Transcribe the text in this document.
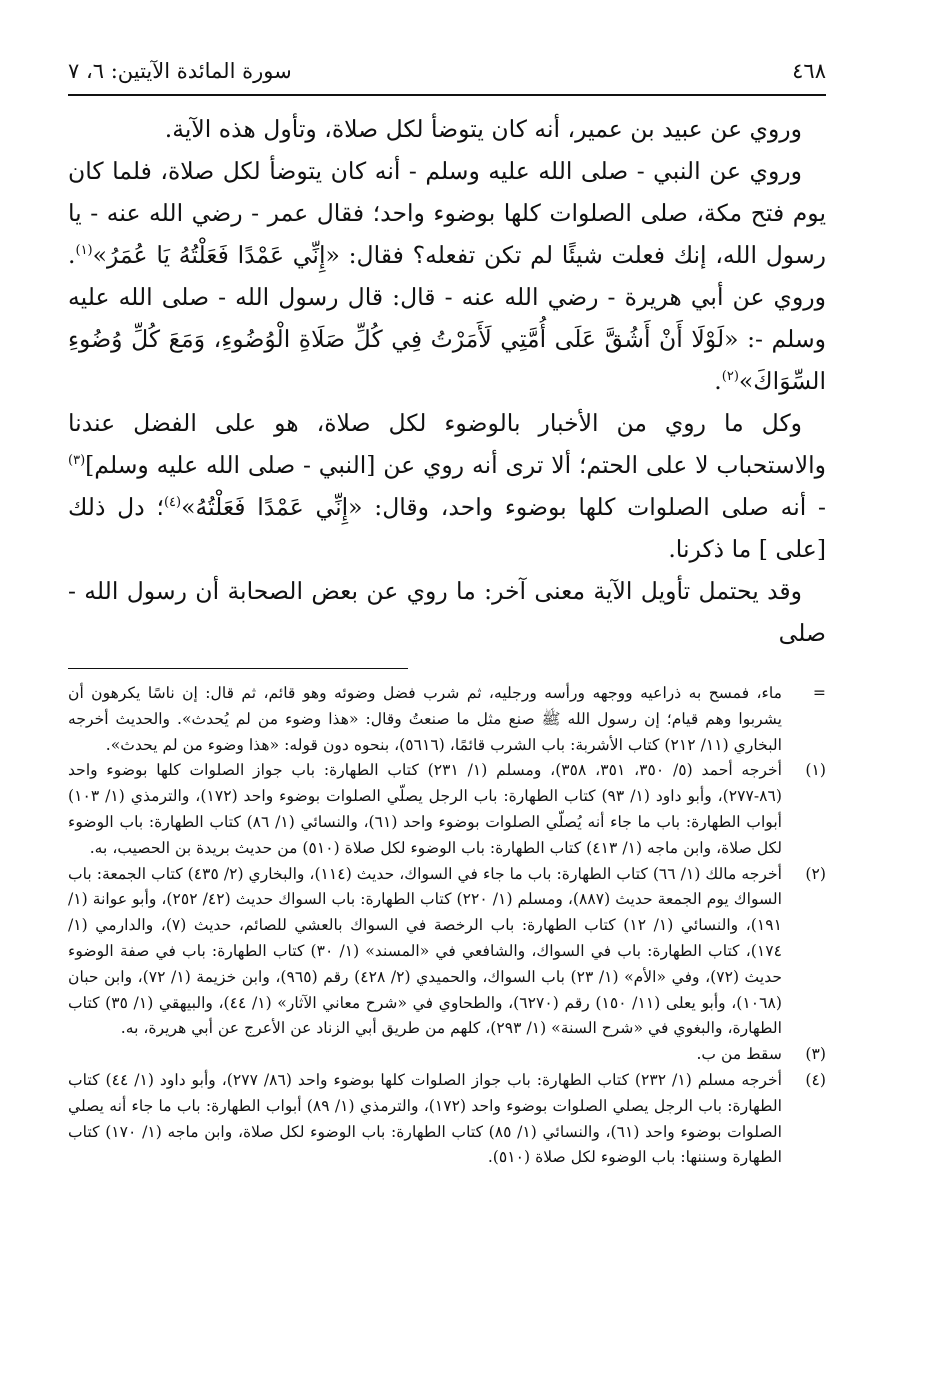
٤٦٨
سورة المائدة الآيتين: ٦، ٧

وروي عن عبيد بن عمير، أنه كان يتوضأ لكل صلاة، وتأول هذه الآية.

وروي عن النبي - صلى الله عليه وسلم - أنه كان يتوضأ لكل صلاة، فلما كان يوم فتح مكة، صلى الصلوات كلها بوضوء واحد؛ فقال عمر - رضي الله عنه - يا رسول الله، إنك فعلت شيئًا لم تكن تفعله؟ فقال: «إِنِّي عَمْدًا فَعَلْتُهُ يَا عُمَرُ»$^{(١)}$. وروي عن أبي هريرة - رضي الله عنه - قال: قال رسول الله - صلى الله عليه وسلم -: «لَوْلَا أَنْ أَشُقَّ عَلَى أُمَّتِي لَأَمَرْتُ فِي كُلِّ صَلَاةِ الْوُضُوءِ، وَمَعَ كُلِّ وُضُوءِ السِّوَاكَ»$^{(٢)}$.

وكل ما روي من الأخبار بالوضوء لكل صلاة، هو على الفضل عندنا والاستحباب لا على الحتم؛ ألا ترى أنه روي عن [النبي - صلى الله عليه وسلم]$^{(٣)}$ - أنه صلى الصلوات كلها بوضوء واحد، وقال: «إِنِّي عَمْدًا فَعَلْتُهُ»$^{(٤)}$؛ دل ذلك [على ] ما ذكرنا.

وقد يحتمل تأويل الآية معنى آخر: ما روي عن بعض الصحابة أن رسول الله - صلى

=

ماء، فمسح به ذراعيه ووجهه ورأسه ورجليه، ثم شرب فضل وضوئه وهو قائم، ثم قال: إن ناسًا يكرهون أن يشربوا وهم قيام؛ إن رسول الله ﷺ صنع مثل ما صنعتُ وقال: «هذا وضوء من لم يُحدث». والحديث أخرجه البخاري (١١/ ٢١٢) كتاب الأشربة: باب الشرب قائمًا، (٥٦١٦)، بنحوه دون قوله: «هذا وضوء من لم يحدث».

(١)

أخرجه أحمد (٥/ ٣٥٠، ٣٥١، ٣٥٨)، ومسلم (١/ ٢٣١) كتاب الطهارة: باب جواز الصلوات كلها بوضوء واحد (٨٦-٢٧٧)، وأبو داود (١/ ٩٣) كتاب الطهارة: باب الرجل يصلّي الصلوات بوضوء واحد (١٧٢)، والترمذي (١/ ١٠٣) أبواب الطهارة: باب ما جاء أنه يُصلّي الصلوات بوضوء واحد (٦١)، والنسائي (١/ ٨٦) كتاب الطهارة: باب الوضوء لكل صلاة، وابن ماجه (١/ ٤١٣) كتاب الطهارة: باب الوضوء لكل صلاة (٥١٠) من حديث بريدة بن الحصيب، به.

(٢)

أخرجه مالك (١/ ٦٦) كتاب الطهارة: باب ما جاء في السواك، حديث (١١٤)، والبخاري (٢/ ٤٣٥) كتاب الجمعة: باب السواك يوم الجمعة حديث (٨٨٧)، ومسلم (١/ ٢٢٠) كتاب الطهارة: باب السواك حديث (٤٢/ ٢٥٢)، وأبو عوانة (١/ ١٩١)، والنسائي (١/ ١٢) كتاب الطهارة: باب الرخصة في السواك بالعشي للصائم، حديث (٧)، والدارمي (١/ ١٧٤)، كتاب الطهارة: باب في السواك، والشافعي في «المسند» (١/ ٣٠) كتاب الطهارة: باب في صفة الوضوء حديث (٧٢)، وفي «الأم» (١/ ٢٣) باب السواك، والحميدي (٢/ ٤٢٨) رقم (٩٦٥)، وابن خزيمة (١/ ٧٢)، وابن حبان (١٠٦٨)، وأبو يعلى (١١/ ١٥٠) رقم (٦٢٧٠)، والطحاوي في «شرح معاني الآثار» (١/ ٤٤)، والبيهقي (١/ ٣٥) كتاب الطهارة، والبغوي في «شرح السنة» (١/ ٢٩٣)، كلهم من طريق أبي الزناد عن الأعرج عن أبي هريرة، به.

(٣)

سقط من ب.

(٤)

أخرجه مسلم (١/ ٢٣٢) كتاب الطهارة: باب جواز الصلوات كلها بوضوء واحد (٨٦/ ٢٧٧)، وأبو داود (١/ ٤٤) كتاب الطهارة: باب الرجل يصلي الصلوات بوضوء واحد (١٧٢)، والترمذي (١/ ٨٩) أبواب الطهارة: باب ما جاء أنه يصلي الصلوات بوضوء واحد (٦١)، والنسائي (١/ ٨٥) كتاب الطهارة: باب الوضوء لكل صلاة، وابن ماجه (١/ ١٧٠) كتاب الطهارة وسننها: باب الوضوء لكل صلاة (٥١٠).
